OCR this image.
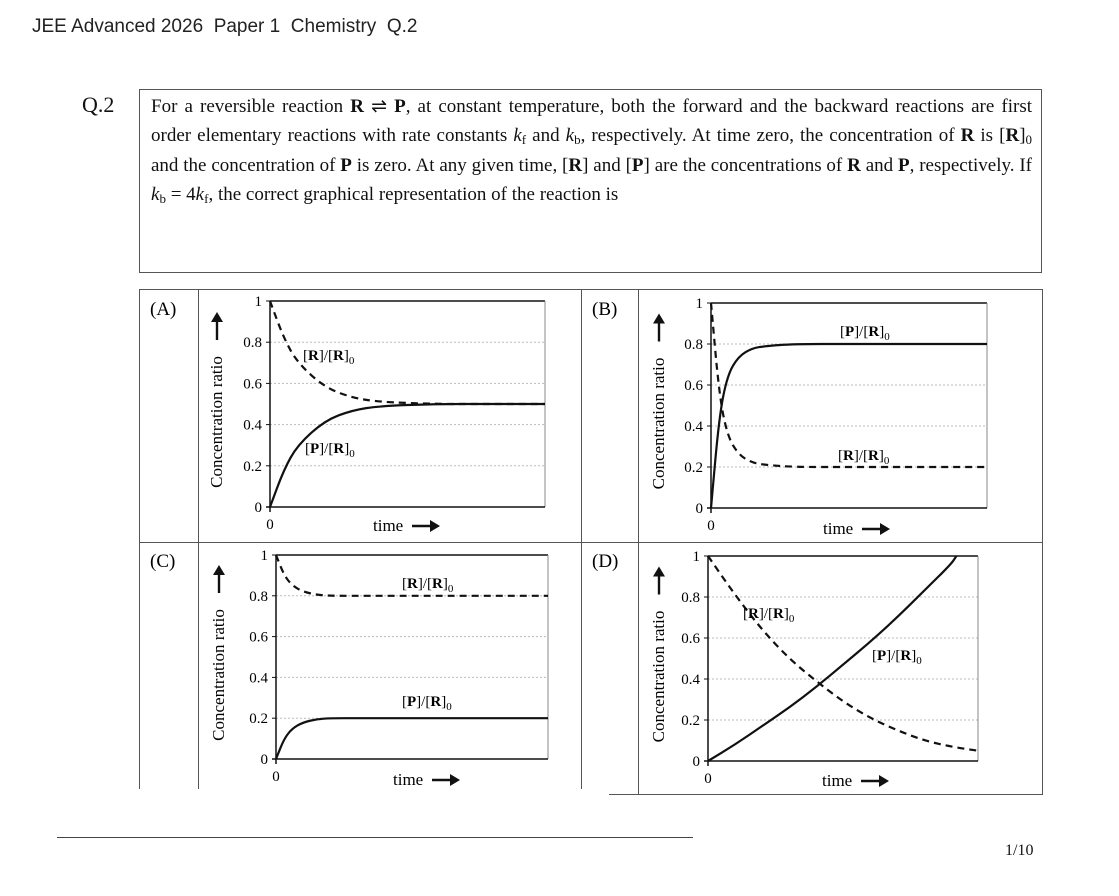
JEE Advanced 2026  Paper 1  Chemistry  Q.2
Q.2 For a reversible reaction R ⇌ P, at constant temperature, both the forward and the backward reactions are first order elementary reactions with rate constants $k_f$ and $k_b$, respectively. At time zero, the concentration of R is $[R]_0$ and the concentration of P is zero. At any given time, [R] and [P] are the concentrations of R and P, respectively. If $k_b = 4k_f$, the correct graphical representation of the reaction is
(A)	(B)
(C)	(D)
1
0.8
0.6
0.4
0.2
0
0
Concentration ratio
time
$[R]/[R]_0$
$[P]/[R]_0$
1
0.8
0.6
0.4
0.2
0
0
Concentration ratio
time
$[P]/[R]_0$
$[R]/[R]_0$
1
0.8
0.6
0.4
0.2
0
0
Concentration ratio
time
$[R]/[R]_0$
$[P]/[R]_0$
1
0.8
0.6
0.4
0.2
0
0
Concentration ratio
time
$[R]/[R]_0$
$[P]/[R]_0$
1/10
